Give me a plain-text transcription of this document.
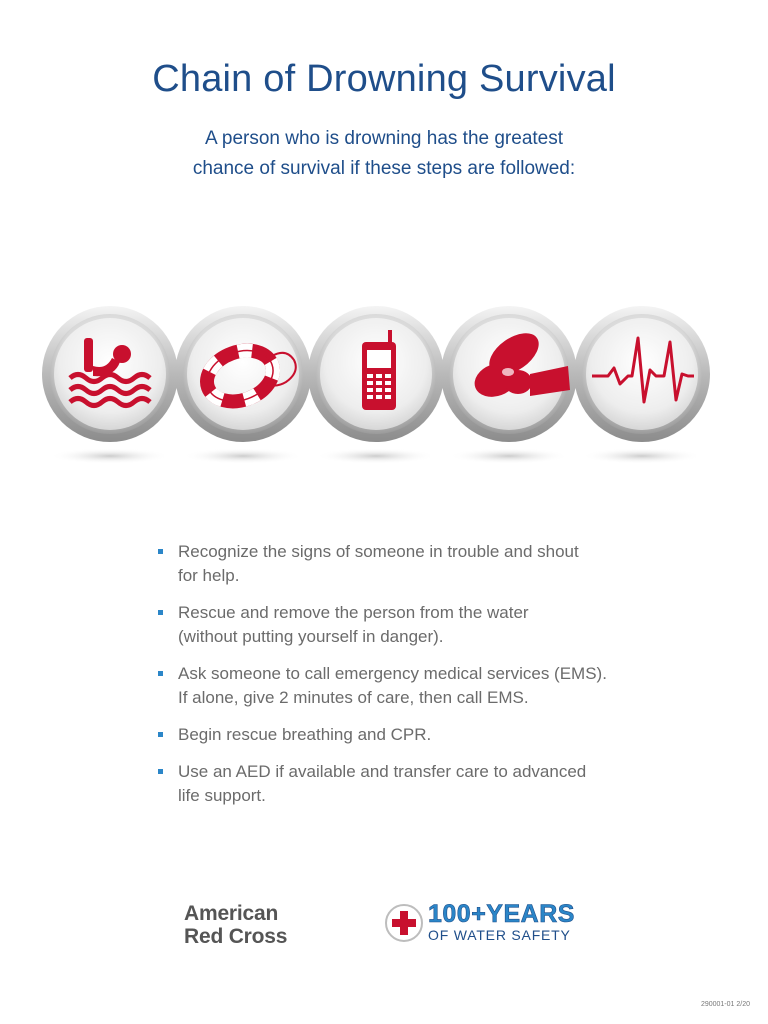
Chain of Drowning Survival
A person who is drowning has the greatest
chance of survival if these steps are followed:
Recognize the signs of someone in trouble and shout
for help.
Rescue and remove the person from the water
(without putting yourself in danger).
Ask someone to call emergency medical services (EMS).
If alone, give 2 minutes of care, then call EMS.
Begin rescue breathing and CPR.
Use an AED if available and transfer care to advanced
life support.
American
Red Cross
100+YEARS
OF WATER SAFETY
290001-01 2/20
